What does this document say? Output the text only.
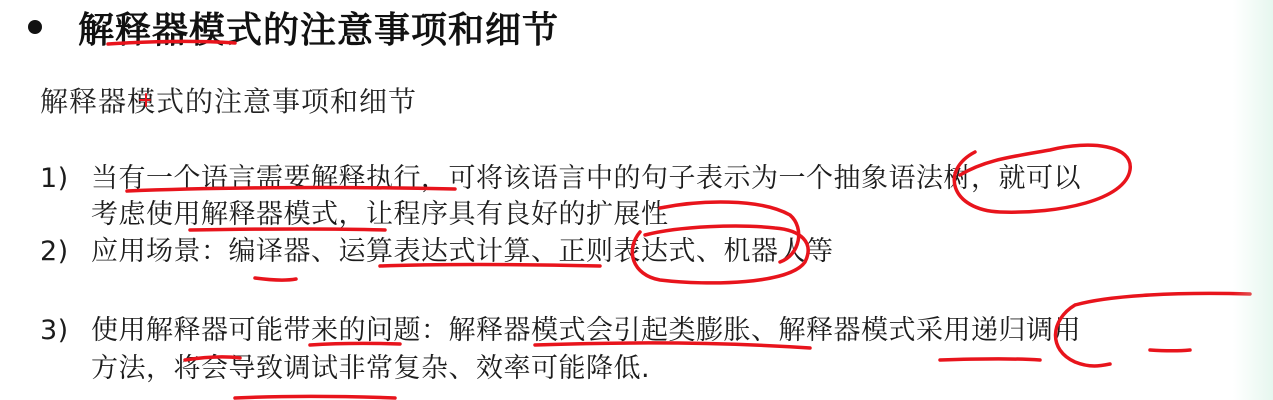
解释器模式的注意事项和细节
解释器模式的注意事项和细节
1) 当有一个语言需要解释执行，可将该语言中的句子表示为一个抽象语法树，就可以
考虑使用解释器模式，让程序具有良好的扩展性
2) 应用场景：编译器、运算表达式计算、正则表达式、机器人等
3) 使用解释器可能带来的问题：解释器模式会引起类膨胀、解释器模式采用递归调用
方法，将会导致调试非常复杂、效率可能降低.
